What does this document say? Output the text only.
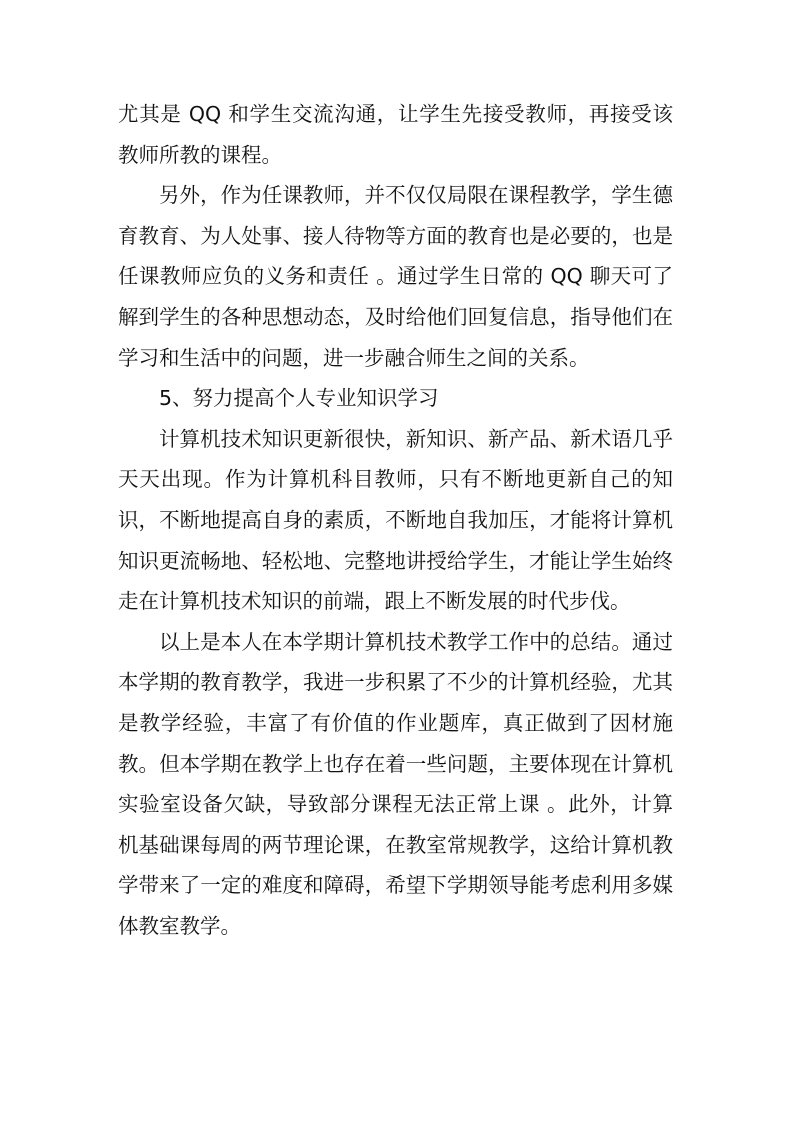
尤其是 QQ 和学生交流沟通，让学生先接受教师，再接受该教师所教的课程。

另外，作为任课教师，并不仅仅局限在课程教学，学生德育教育、为人处事、接人待物等方面的教育也是必要的，也是任课教师应负的义务和责任 。通过学生日常的 QQ 聊天可了解到学生的各种思想动态，及时给他们回复信息，指导他们在学习和生活中的问题，进一步融合师生之间的关系。

5、努力提高个人专业知识学习

计算机技术知识更新很快，新知识、新产品、新术语几乎天天出现。作为计算机科目教师，只有不断地更新自己的知识，不断地提高自身的素质，不断地自我加压，才能将计算机知识更流畅地、轻松地、完整地讲授给学生，才能让学生始终走在计算机技术知识的前端，跟上不断发展的时代步伐。

以上是本人在本学期计算机技术教学工作中的总结。通过本学期的教育教学，我进一步积累了不少的计算机经验，尤其是教学经验，丰富了有价值的作业题库，真正做到了因材施教。但本学期在教学上也存在着一些问题，主要体现在计算机实验室设备欠缺，导致部分课程无法正常上课 。此外，计算机基础课每周的两节理论课，在教室常规教学，这给计算机教学带来了一定的难度和障碍，希望下学期领导能考虑利用多媒体教室教学。
